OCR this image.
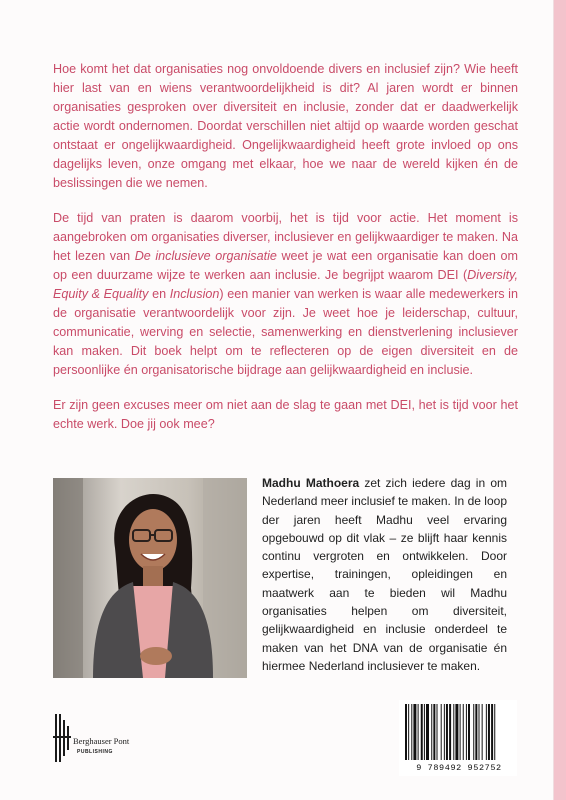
Hoe komt het dat organisaties nog onvoldoende divers en inclusief zijn? Wie heeft hier last van en wiens verantwoordelijkheid is dit? Al jaren wordt er binnen organisaties gesproken over diversiteit en inclusie, zonder dat er daadwerkelijk actie wordt ondernomen. Doordat verschillen niet altijd op waarde worden geschat ontstaat er ongelijkwaardigheid. Ongelijkwaardigheid heeft grote invloed op ons dagelijks leven, onze omgang met elkaar, hoe we naar de wereld kijken én de beslissingen die we nemen.

De tijd van praten is daarom voorbij, het is tijd voor actie. Het moment is aangebroken om organisaties diverser, inclusiever en gelijkwaardiger te maken. Na het lezen van De inclusieve organisatie weet je wat een organisatie kan doen om op een duurzame wijze te werken aan inclusie. Je begrijpt waarom DEI (Diversity, Equity & Equality en Inclusion) een manier van werken is waar alle medewerkers in de organisatie verantwoordelijk voor zijn. Je weet hoe je leiderschap, cultuur, communicatie, werving en selectie, samenwerking en dienstverlening inclusiever kan maken. Dit boek helpt om te reflecteren op de eigen diversiteit en de persoonlijke én organisatorische bijdrage aan gelijkwaardigheid en inclusie.

Er zijn geen excuses meer om niet aan de slag te gaan met DEI, het is tijd voor het echte werk. Doe jij ook mee?

Madhu Mathoera zet zich iedere dag in om Nederland meer inclusief te maken. In de loop der jaren heeft Madhu veel ervaring opgebouwd op dit vlak – ze blijft haar kennis continu vergroten en ontwikkelen. Door expertise, trainingen, opleidingen en maatwerk aan te bieden wil Madhu organisaties helpen om diversiteit, gelijkwaardigheid en inclusie onderdeel te maken van het DNA van de organisatie én hiermee Nederland inclusiever te maken.
Berghauser Pont
PUBLISHING
9 789492 952752
